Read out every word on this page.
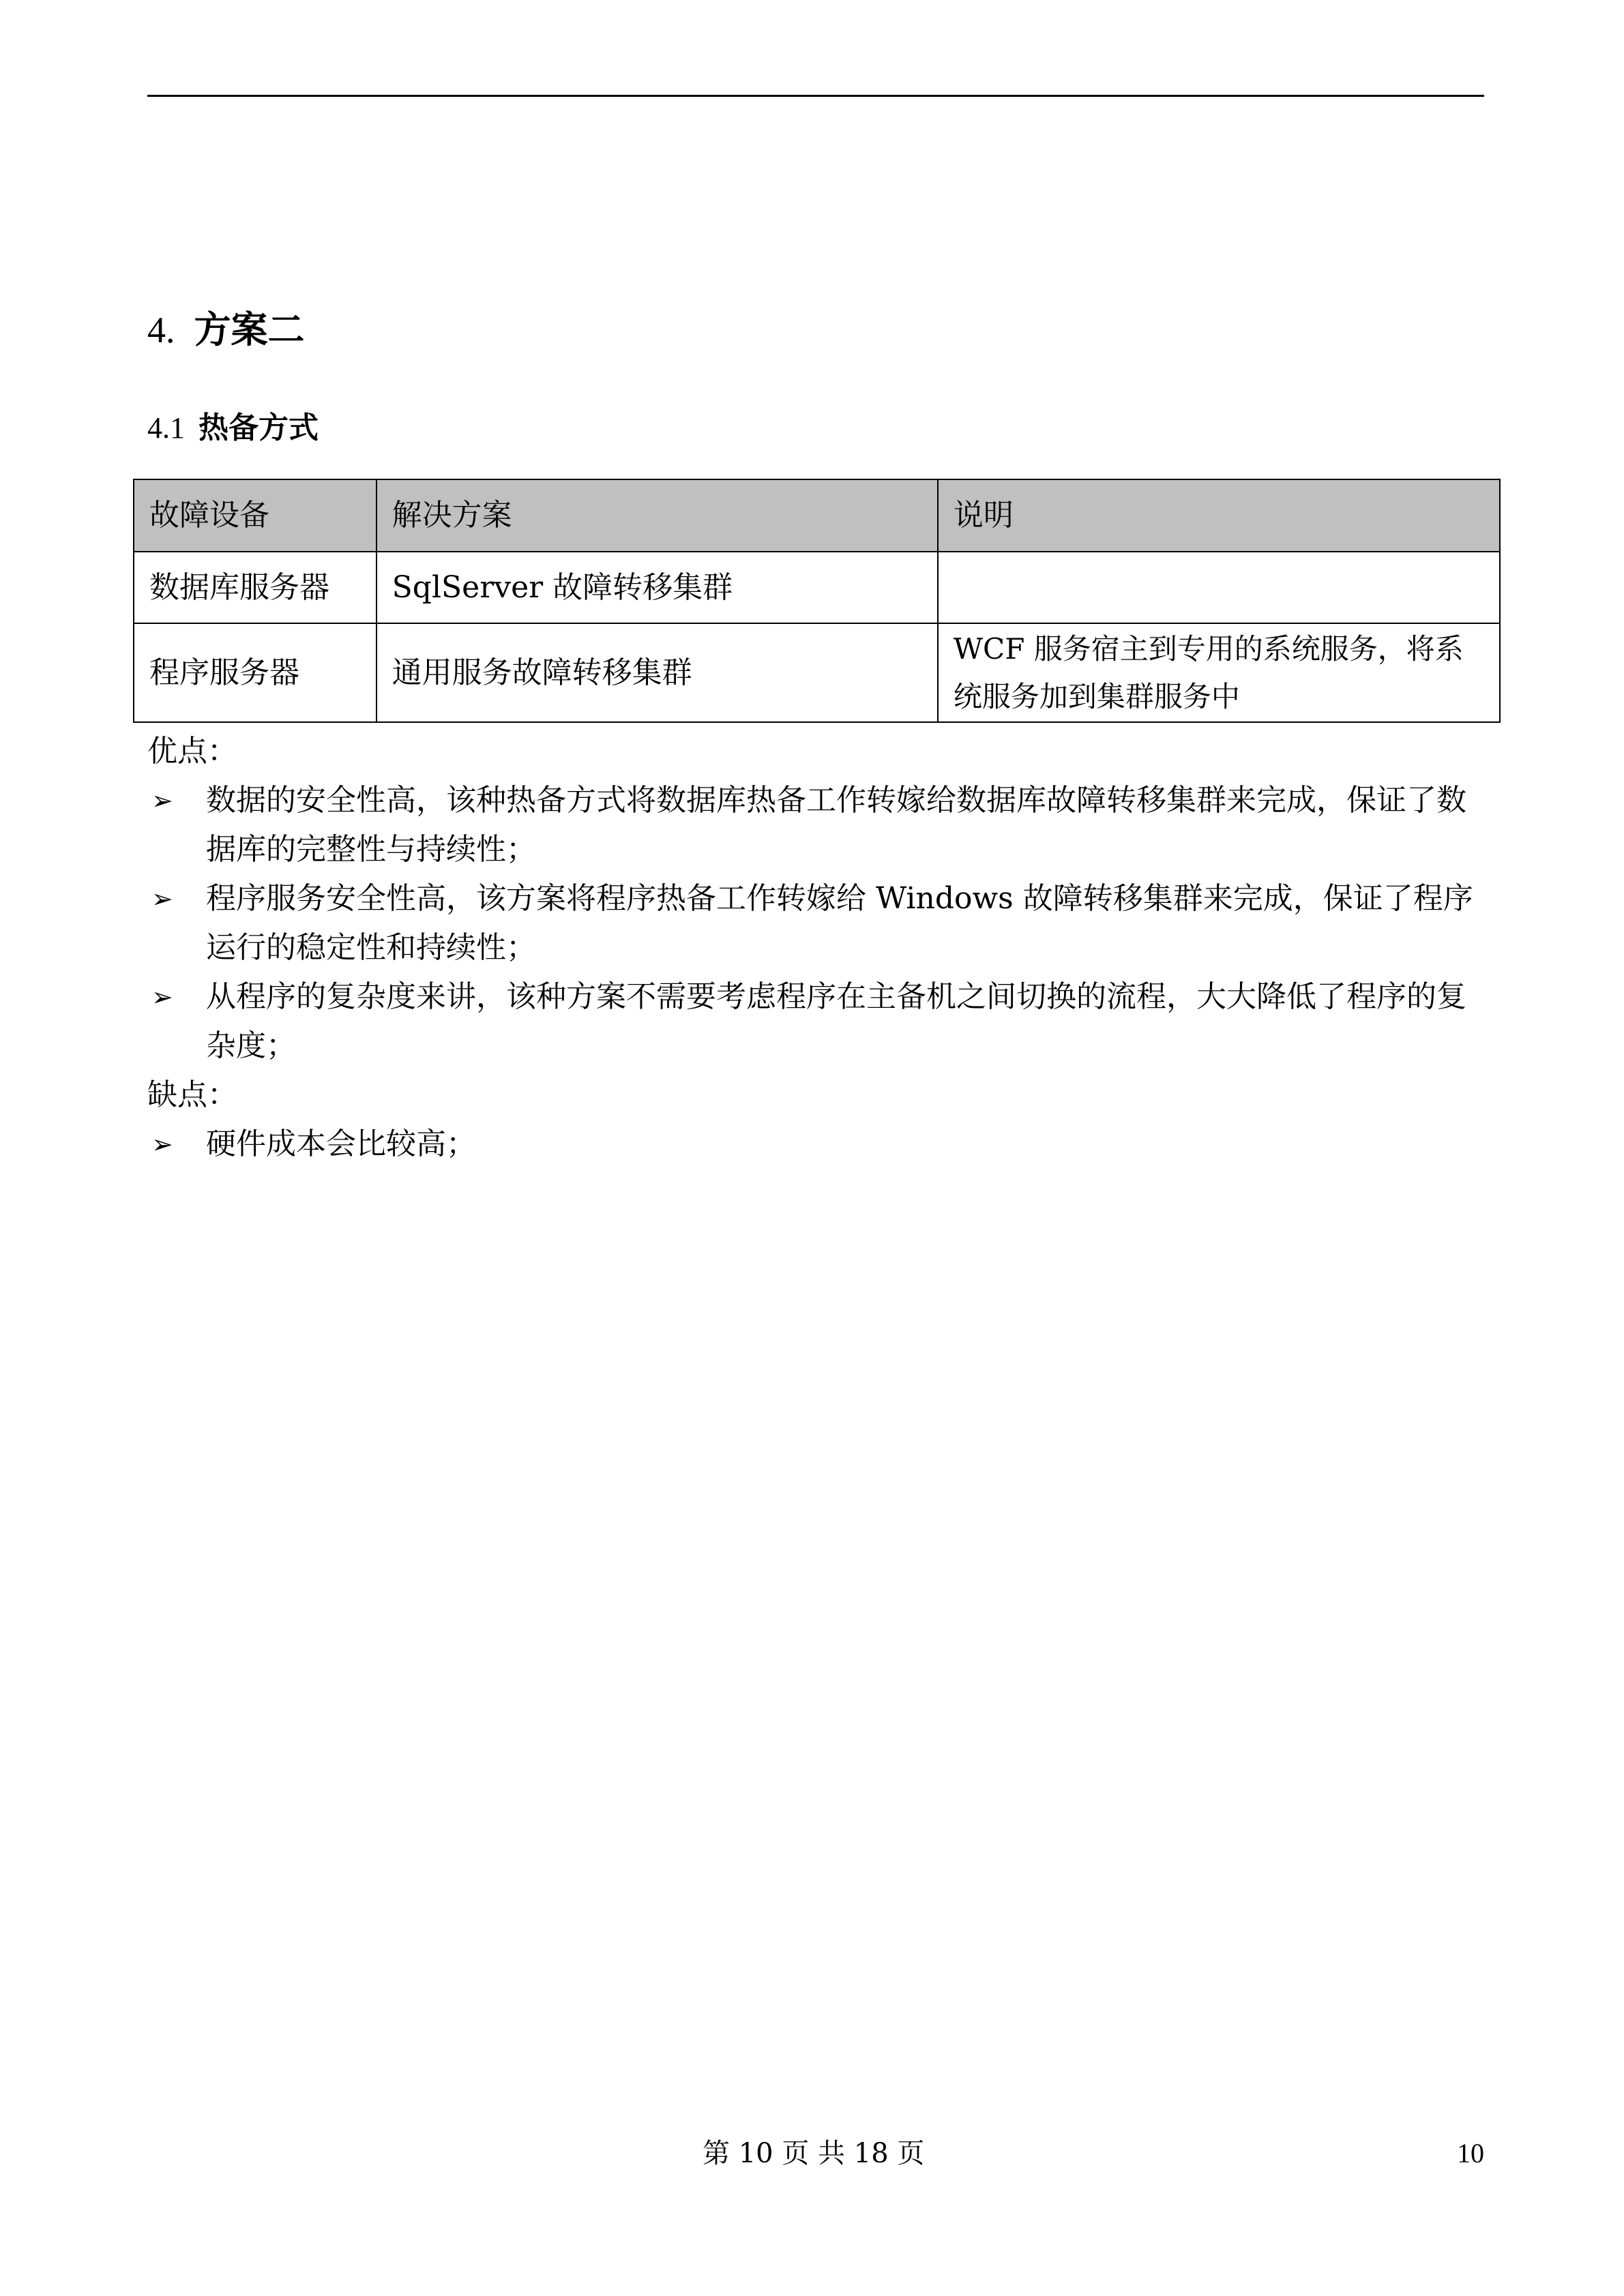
4. 方案二
4.1 热备方式
故障设备	解决方案	说明
数据库服务器	SqlServer 故障转移集群	
程序服务器	通用服务故障转移集群	WCF 服务宿主到专用的系统服务，将系统服务加到集群服务中
优点：
➢ 数据的安全性高，该种热备方式将数据库热备工作转嫁给数据库故障转移集群来完成，保证了数据库的完整性与持续性；
➢ 程序服务安全性高，该方案将程序热备工作转嫁给 Windows 故障转移集群来完成，保证了程序运行的稳定性和持续性；
➢ 从程序的复杂度来讲，该种方案不需要考虑程序在主备机之间切换的流程，大大降低了程序的复杂度；
缺点：
➢ 硬件成本会比较高；
第 10 页 共 18 页	10
